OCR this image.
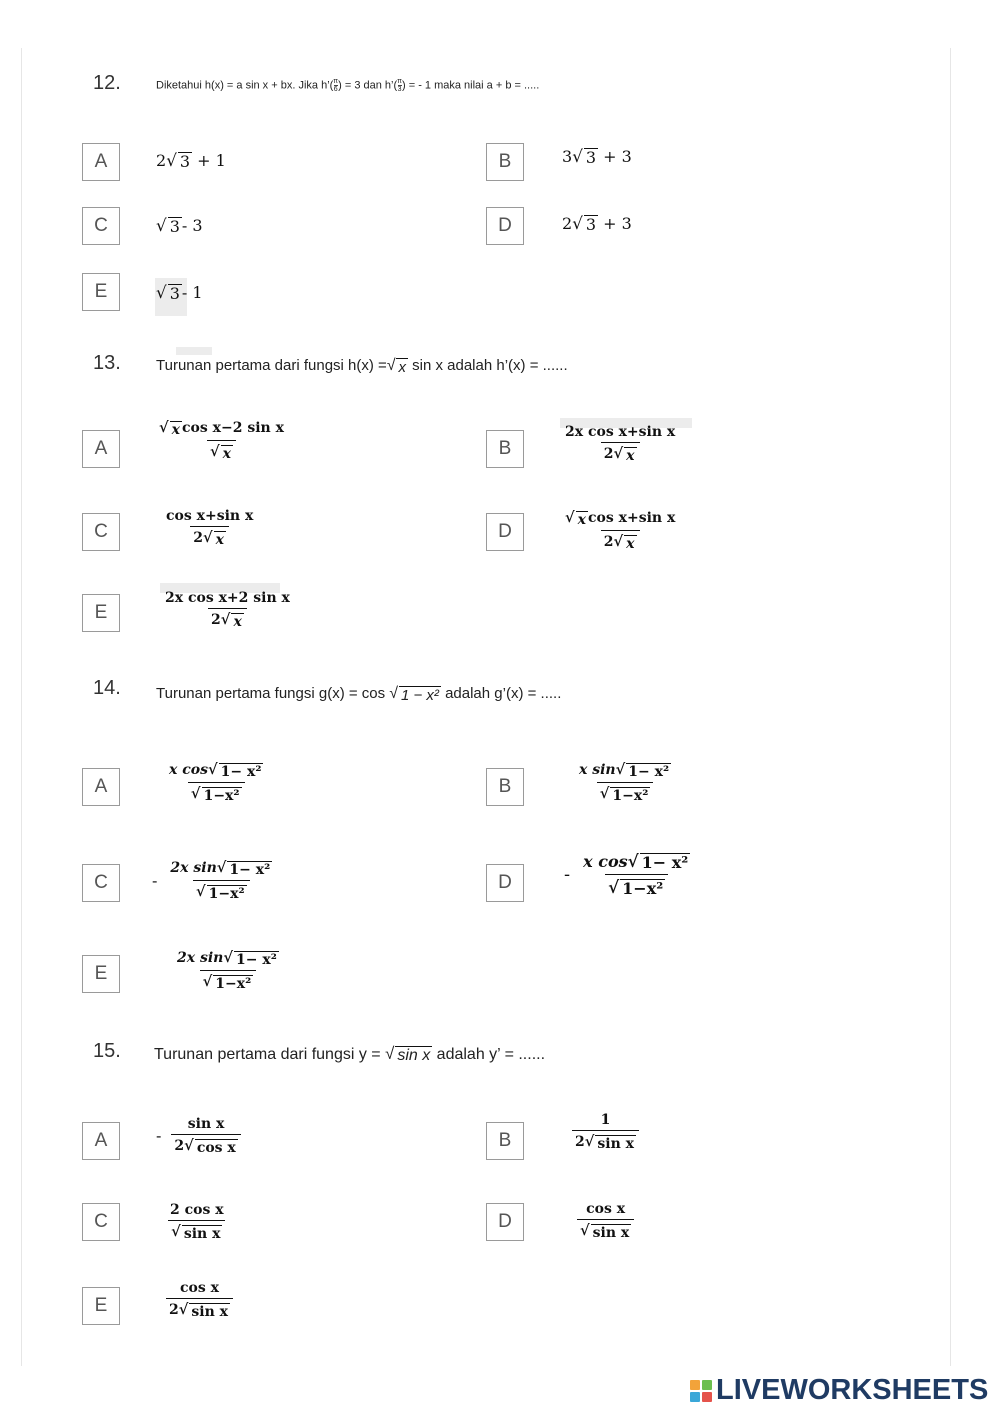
12.	Diketahui h(x) = a sin x + bx. Jika h’( $\frac{\pi}{6}$ ) = 3 dan h’( $\frac{\pi}{3}$ ) = - 1 maka nilai a + b = .....
A	2 √ 3 + 1	B	3 √ 3 + 3
C	√ 3 - 3	D	2 √ 3 + 3
E	√ 3 - 1
13. Turunan pertama dari fungsi h(x) = √ x sin x adalah h’(x) = ......
A	$\frac{\text{√ x cos x−2 sin x}}{√ x}$	B	$\frac{\text{2x cos x+sin x}}{2 √ x}$
C	$\frac{\text{cos x+sin x}}{2 √ x}$	D	$\frac{\text{√ x cos x+sin x}}{2 √ x}$
E	$\frac{\text{2x cos x+2 sin x}}{2 √ x}$
14. Turunan pertama fungsi g(x) = cos √ 1 − x² adalah g’(x) = .....
A	$\frac{\text{x cos √ 1− x²}}{\text{√ 1−x²}}$	B	$\frac{\text{x sin √ 1− x²}}{\text{√ 1−x²}}$
C	- $\frac{\text{2x sin √ 1− x²}}{\text{√ 1−x²}}$	D	- $\frac{\text{x cos √ 1− x²}}{\text{√ 1−x²}}$
E	$\frac{\text{2x sin √ 1− x²}}{\text{√ 1−x²}}$
15. Turunan pertama dari fungsi y = √ sin x adalah y’ = ......
A	- $\frac{\text{sin x}}{\text{2 √ cos x}}$	B	$\frac{1}{\text{2 √ sin x}}$
C	$\frac{\text{2 cos x}}{\text{√ sin x}}$	D	$\frac{\text{cos x}}{\text{√ sin x}}$
E	$\frac{\text{cos x}}{\text{2 √ sin x}}$
LIVEWORKSHEETS
